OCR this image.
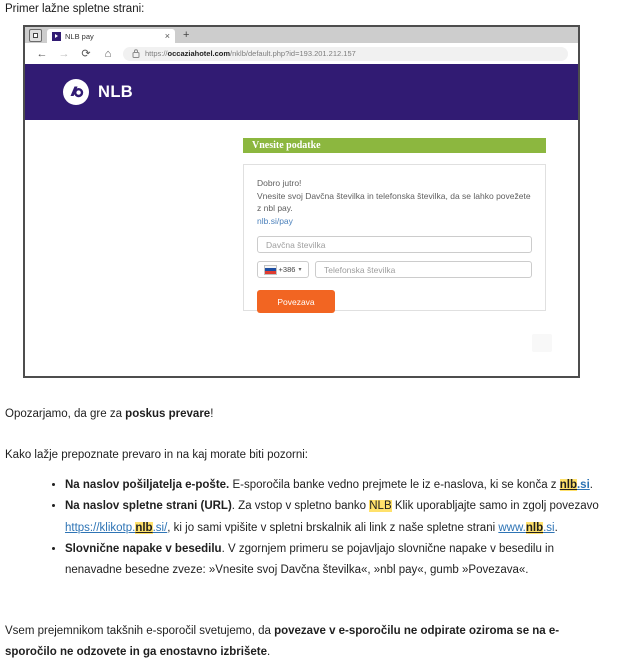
Primer lažne spletne strani:
NLB pay	× +
←	→	⟳	⌂	https://occaziahotel.com/nklb/default.php?id=193.201.212.157
NLB
Vnesite podatke
Dobro jutro!
Vnesite svoj Davčna številka in telefonska številka, da se lahko povežete z nbl pay.
nlb.si/pay
Davčna številka
+386 ▾	Telefonska številka
Povezava

Opozarjamo, da gre za poskus prevare!

Kako lažje prepoznate prevaro in na kaj morate biti pozorni:

• Na naslov pošiljatelja e-pošte. E-sporočila banke vedno prejmete le iz e-naslova, ki se konča z nlb.si.
• Na naslov spletne strani (URL). Za vstop v spletno banko NLB Klik uporabljajte samo in zgolj povezavo https://klikotp.nlb.si/, ki jo sami vpišite v spletni brskalnik ali link z naše spletne strani www.nlb.si.
• Slovnične napake v besedilu. V zgornjem primeru se pojavljajo slovnične napake v besedilu in nenavadne besedne zveze: »Vnesite svoj Davčna številka«, »nbl pay«, gumb »Povezava«.

Vsem prejemnikom takšnih e-sporočil svetujemo, da povezave v e-sporočilu ne odpirate oziroma se na e-sporočilo ne odzovete in ga enostavno izbrišete.
